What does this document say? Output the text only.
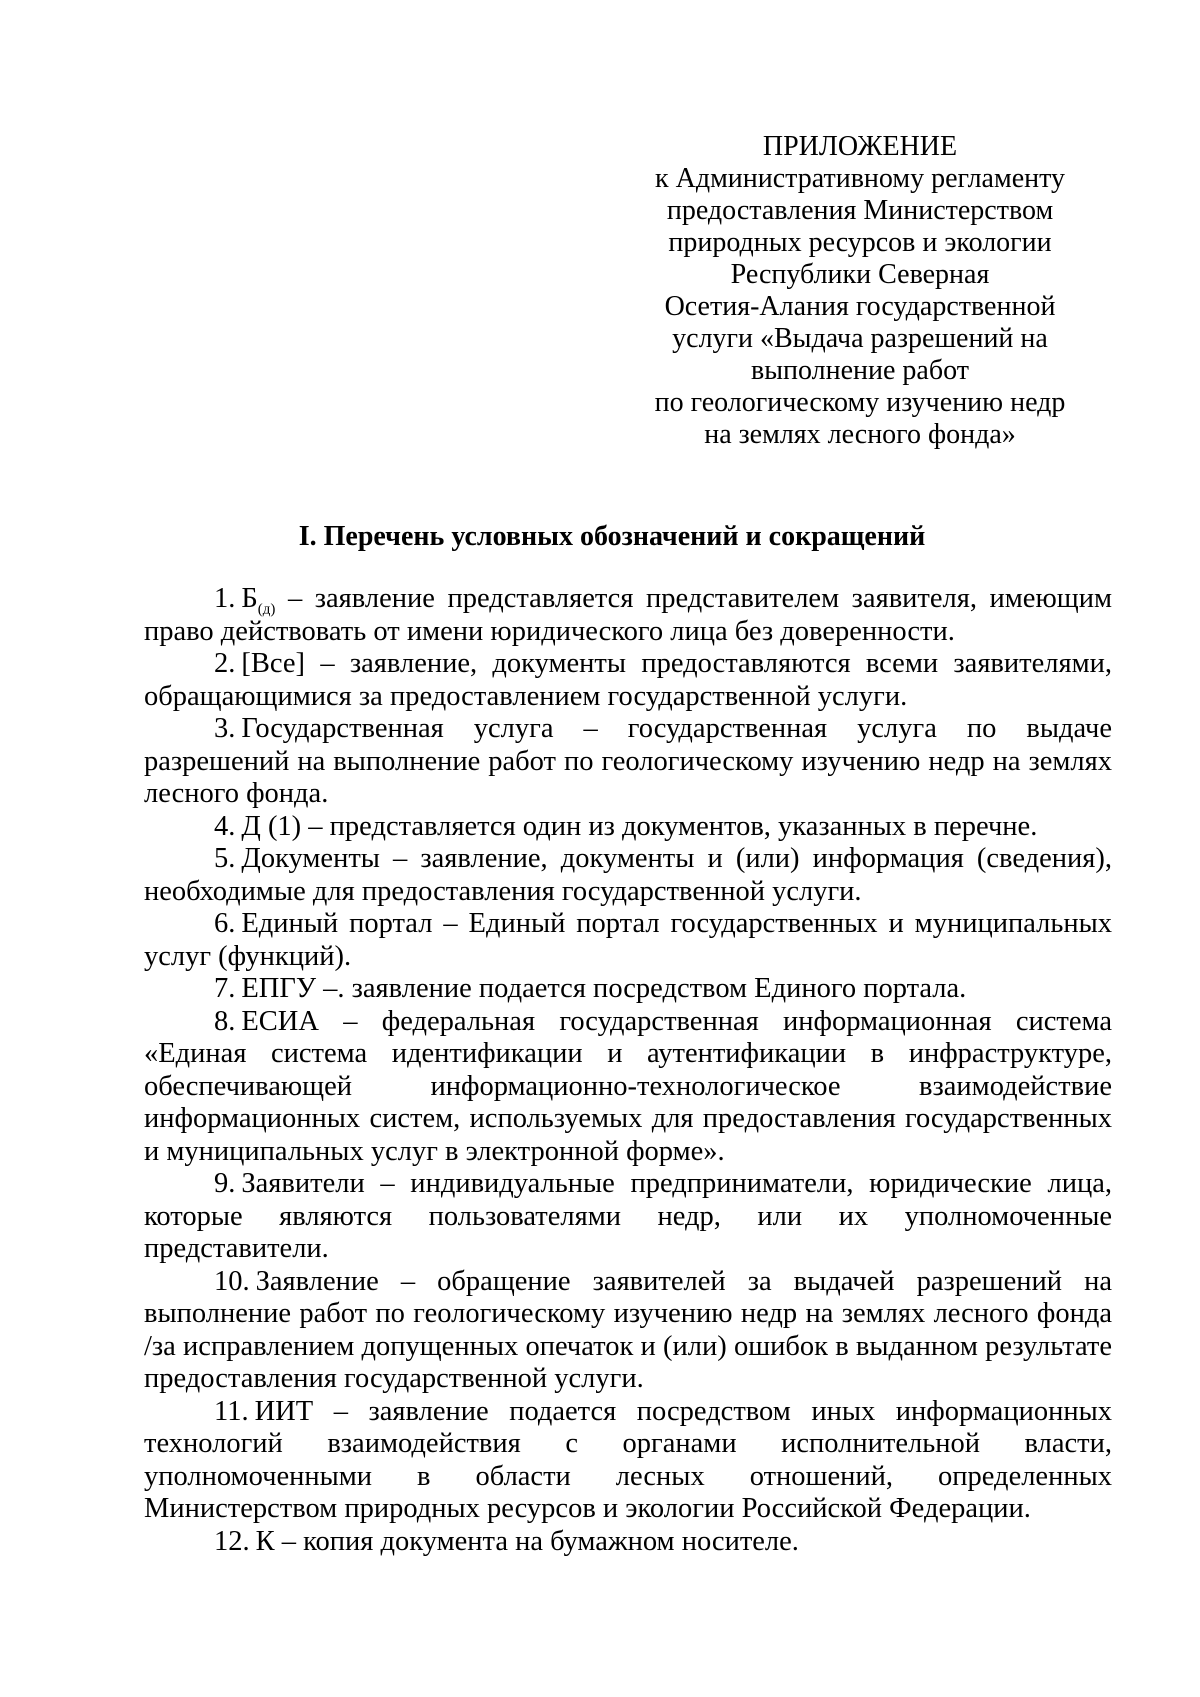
ПРИЛОЖЕНИЕ
к Административному регламенту
предоставления Министерством
природных ресурсов и экологии
Республики Северная
Осетия-Алания государственной
услуги «Выдача разрешений на
выполнение работ
по геологическому изучению недр
на землях лесного фонда»
I. Перечень условных обозначений и сокращений

1. $Б_{(д)}$ – заявление представляется представителем заявителя, имеющим право действовать от имени юридического лица без доверенности.

2. [Все] – заявление, документы предоставляются всеми заявителями, обращающимися за предоставлением государственной услуги.

3. Государственная услуга – государственная услуга по выдаче разрешений на выполнение работ по геологическому изучению недр на землях лесного фонда.

4. Д (1) – представляется один из документов, указанных в перечне.

5. Документы – заявление, документы и (или) информация (сведения), необходимые для предоставления государственной услуги.

6. Единый портал – Единый портал государственных и муниципальных услуг (функций).

7. ЕПГУ –. заявление подается посредством Единого портала.

8. ЕСИА – федеральная государственная информационная система «Единая система идентификации и аутентификации в инфраструктуре, обеспечивающей информационно-технологическое взаимодействие информационных систем, используемых для предоставления государственных и муниципальных услуг в электронной форме».

9. Заявители – индивидуальные предприниматели, юридические лица, которые являются пользователями недр, или их уполномоченные представители.

10. Заявление – обращение заявителей за выдачей разрешений на выполнение работ по геологическому изучению недр на землях лесного фонда /за исправлением допущенных опечаток и (или) ошибок в выданном результате предоставления государственной услуги.

11. ИИТ – заявление подается посредством иных информационных технологий взаимодействия с органами исполнительной власти, уполномоченными в области лесных отношений, определенных Министерством природных ресурсов и экологии Российской Федерации.

12. К – копия документа на бумажном носителе.
